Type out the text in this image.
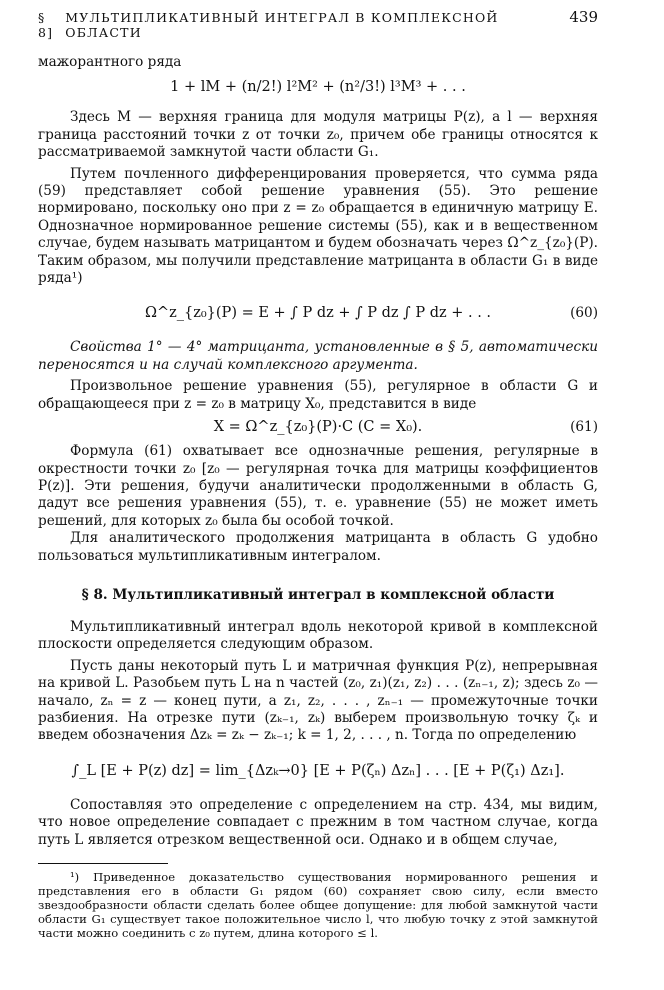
§ 8]
МУЛЬТИПЛИКАТИВНЫЙ ИНТЕГРАЛ В КОМПЛЕКСНОЙ ОБЛАСТИ
439

мажорантного ряда

1 + lM + (n/2!) l²M² + (n²/3!) l³M³ + . . .

Здесь M — верхняя граница для модуля матрицы P(z), а l — верхняя граница расстояний точки z от точки z₀, причем обе границы относятся к рассматриваемой замкнутой части области G₁.

Путем почленного дифференцирования проверяется, что сумма ряда (59) представляет собой решение уравнения (55). Это решение нормировано, поскольку оно при z = z₀ обращается в единичную матрицу E. Однозначное нормированное решение системы (55), как и в вещественном случае, будем называть матрицантом и будем обозначать через Ω^z_{z₀}(P). Таким образом, мы получили представление матрицанта в области G₁ в виде ряда¹)

Ω^z_{z₀}(P) = E + ∫ P dz + ∫ P dz ∫ P dz + . . .	(60)

Свойства 1° — 4° матрицанта, установленные в § 5, автоматически переносятся и на случай комплексного аргумента.

Произвольное решение уравнения (55), регулярное в области G и обращающееся при z = z₀ в матрицу X₀, представится в виде

X = Ω^z_{z₀}(P)·C (C = X₀).	(61)

Формула (61) охватывает все однозначные решения, регулярные в окрестности точки z₀ [z₀ — регулярная точка для матрицы коэффициентов P(z)]. Эти решения, будучи аналитически продолженными в область G, дадут все решения уравнения (55), т. е. уравнение (55) не может иметь решений, для которых z₀ была бы особой точкой.

Для аналитического продолжения матрицанта в область G удобно пользоваться мультипликативным интегралом.

§ 8. Мультипликативный интеграл в комплексной области

Мультипликативный интеграл вдоль некоторой кривой в комплексной плоскости определяется следующим образом.

Пусть даны некоторый путь L и матричная функция P(z), непрерывная на кривой L. Разобьем путь L на n частей (z₀, z₁)(z₁, z₂) . . . (zₙ₋₁, z); здесь z₀ — начало, zₙ = z — конец пути, а z₁, z₂, . . . , zₙ₋₁ — промежуточные точки разбиения. На отрезке пути (zₖ₋₁, zₖ) выберем произвольную точку ζₖ и введем обозначения Δzₖ = zₖ − zₖ₋₁; k = 1, 2, . . . , n. Тогда по определению

∫_L [E + P(z) dz] = lim_{Δzₖ→0} [E + P(ζₙ) Δzₙ] . . . [E + P(ζ₁) Δz₁].

Сопоставляя это определение с определением на стр. 434, мы видим, что новое определение совпадает с прежним в том частном случае, когда путь L является отрезком вещественной оси. Однако и в общем случае,

¹) Приведенное доказательство существования нормированного решения и представления его в области G₁ рядом (60) сохраняет свою силу, если вместо звездообразности области сделать более общее допущение: для любой замкнутой части области G₁ существует такое положительное число l, что любую точку z этой замкнутой части можно соединить с z₀ путем, длина которого ≤ l.
